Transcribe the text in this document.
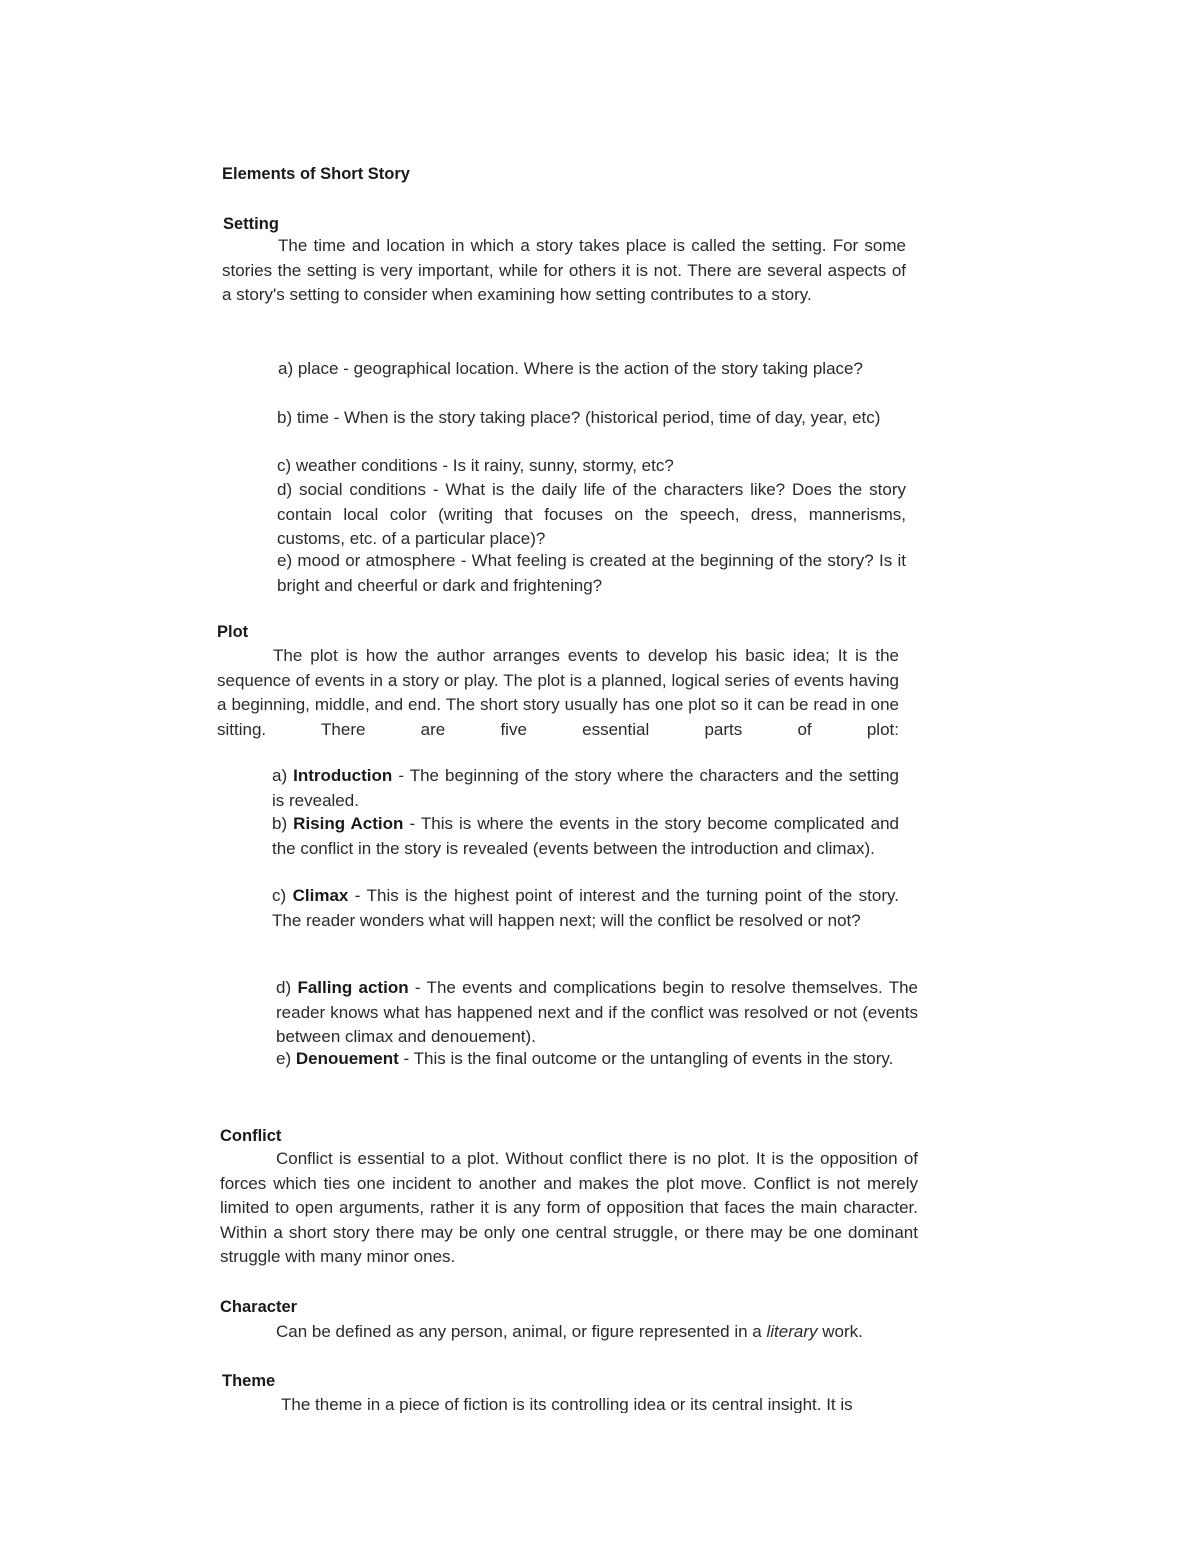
Elements of Short Story
Setting

The time and location in which a story takes place is called the setting. For some stories the setting is very important, while for others it is not. There are several aspects of a story's setting to consider when examining how setting contributes to a story.

a) place - geographical location. Where is the action of the story taking place?

b) time - When is the story taking place? (historical period, time of day, year, etc)

c) weather conditions - Is it rainy, sunny, stormy, etc?

d) social conditions - What is the daily life of the characters like? Does the story contain local color (writing that focuses on the speech, dress, mannerisms, customs, etc. of a particular place)?

e) mood or atmosphere - What feeling is created at the beginning of the story? Is it bright and cheerful or dark and frightening?

Plot

The plot is how the author arranges events to develop his basic idea; It is the sequence of events in a story or play. The plot is a planned, logical series of events having a beginning, middle, and end. The short story usually has one plot so it can be read in one sitting. There are five essential parts of plot:

a) Introduction - The beginning of the story where the characters and the setting is revealed.

b) Rising Action - This is where the events in the story become complicated and the conflict in the story is revealed (events between the introduction and climax).

c) Climax - This is the highest point of interest and the turning point of the story. The reader wonders what will happen next; will the conflict be resolved or not?

d) Falling action - The events and complications begin to resolve themselves. The reader knows what has happened next and if the conflict was resolved or not (events between climax and denouement).

e) Denouement - This is the final outcome or the untangling of events in the story.

Conflict

Conflict is essential to a plot. Without conflict there is no plot. It is the opposition of forces which ties one incident to another and makes the plot move. Conflict is not merely limited to open arguments, rather it is any form of opposition that faces the main character. Within a short story there may be only one central struggle, or there may be one dominant struggle with many minor ones.

Character

Can be defined as any person, animal, or figure represented in a literary work.

Theme

The theme in a piece of fiction is its controlling idea or its central insight. It is
